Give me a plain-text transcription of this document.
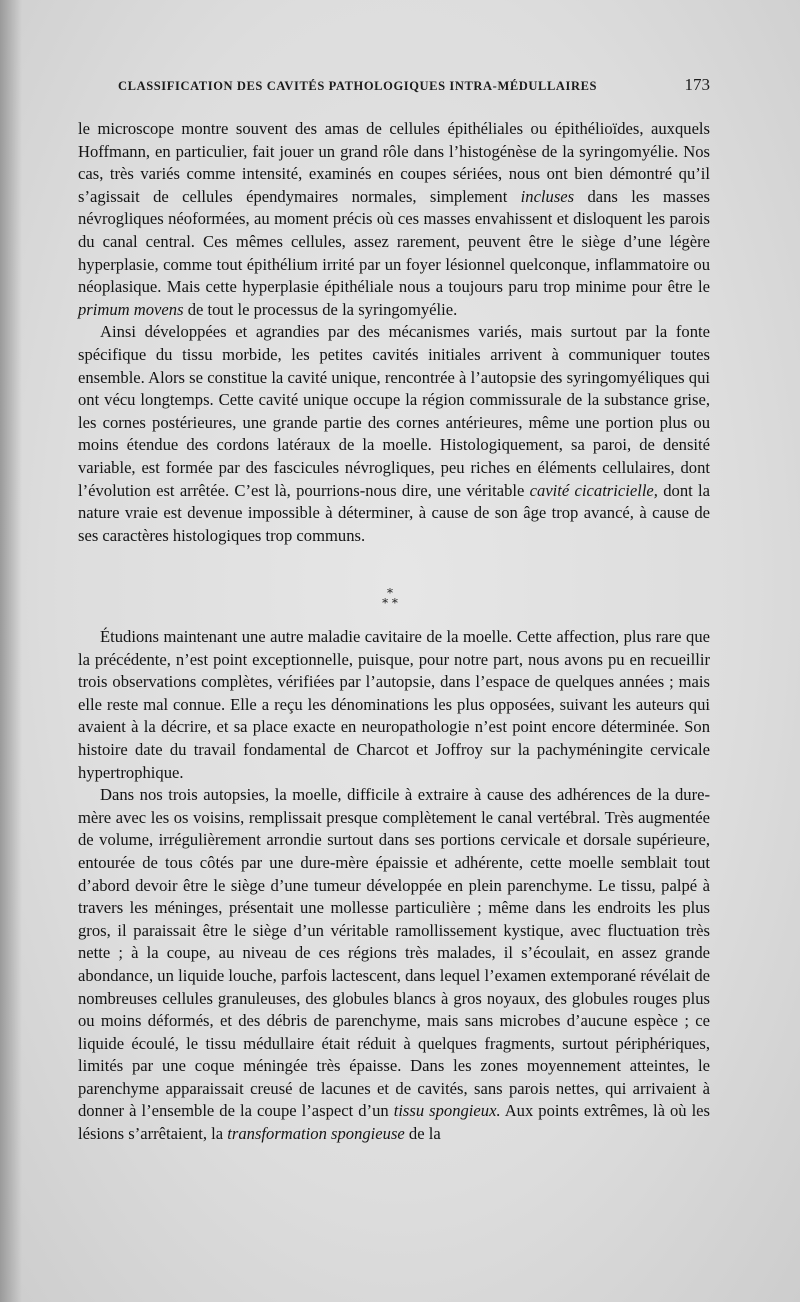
CLASSIFICATION DES CAVITÉS PATHOLOGIQUES INTRA-MÉDULLAIRES	173

le microscope montre souvent des amas de cellules épithéliales ou épithélioïdes, auxquels Hoffmann, en particulier, fait jouer un grand rôle dans l’histogénèse de la syringomyélie. Nos cas, très variés comme intensité, examinés en coupes sériées, nous ont bien démontré qu’il s’agissait de cellules épendymaires normales, simplement incluses dans les masses névrogliques néoformées, au moment précis où ces masses envahissent et disloquent les parois du canal central. Ces mêmes cellules, assez rarement, peuvent être le siège d’une légère hyperplasie, comme tout épithélium irrité par un foyer lésionnel quelconque, inflammatoire ou néoplasique. Mais cette hyperplasie épithéliale nous a toujours paru trop minime pour être le primum movens de tout le processus de la syringomyélie.

Ainsi développées et agrandies par des mécanismes variés, mais surtout par la fonte spécifique du tissu morbide, les petites cavités initiales arrivent à communiquer toutes ensemble. Alors se constitue la cavité unique, rencontrée à l’autopsie des syringomyéliques qui ont vécu longtemps. Cette cavité unique occupe la région commissurale de la substance grise, les cornes postérieures, une grande partie des cornes antérieures, même une portion plus ou moins étendue des cordons latéraux de la moelle. Histologiquement, sa paroi, de densité variable, est formée par des fascicules névrogliques, peu riches en éléments cellulaires, dont l’évolution est arrêtée. C’est là, pourrions-nous dire, une véritable cavité cicatricielle, dont la nature vraie est devenue impossible à déterminer, à cause de son âge trop avancé, à cause de ses caractères histologiques trop communs.

*
* *

Étudions maintenant une autre maladie cavitaire de la moelle. Cette affection, plus rare que la précédente, n’est point exceptionnelle, puisque, pour notre part, nous avons pu en recueillir trois observations complètes, vérifiées par l’autopsie, dans l’espace de quelques années ; mais elle reste mal connue. Elle a reçu les dénominations les plus opposées, suivant les auteurs qui avaient à la décrire, et sa place exacte en neuropathologie n’est point encore déterminée. Son histoire date du travail fondamental de Charcot et Joffroy sur la pachyméningite cervicale hypertrophique.

Dans nos trois autopsies, la moelle, difficile à extraire à cause des adhérences de la dure-mère avec les os voisins, remplissait presque complètement le canal vertébral. Très augmentée de volume, irrégulièrement arrondie surtout dans ses portions cervicale et dorsale supérieure, entourée de tous côtés par une dure-mère épaissie et adhérente, cette moelle semblait tout d’abord devoir être le siège d’une tumeur développée en plein parenchyme. Le tissu, palpé à travers les méninges, présentait une mollesse particulière ; même dans les endroits les plus gros, il paraissait être le siège d’un véritable ramollissement kystique, avec fluctuation très nette ; à la coupe, au niveau de ces régions très malades, il s’écoulait, en assez grande abondance, un liquide louche, parfois lactescent, dans lequel l’examen extemporané révélait de nombreuses cellules granuleuses, des globules blancs à gros noyaux, des globules rouges plus ou moins déformés, et des débris de parenchyme, mais sans microbes d’aucune espèce ; ce liquide écoulé, le tissu médullaire était réduit à quelques fragments, surtout périphériques, limités par une coque méningée très épaisse. Dans les zones moyennement atteintes, le parenchyme apparaissait creusé de lacunes et de cavités, sans parois nettes, qui arrivaient à donner à l’ensemble de la coupe l’aspect d’un tissu spongieux. Aux points extrêmes, là où les lésions s’arrêtaient, la transformation spongieuse de la
